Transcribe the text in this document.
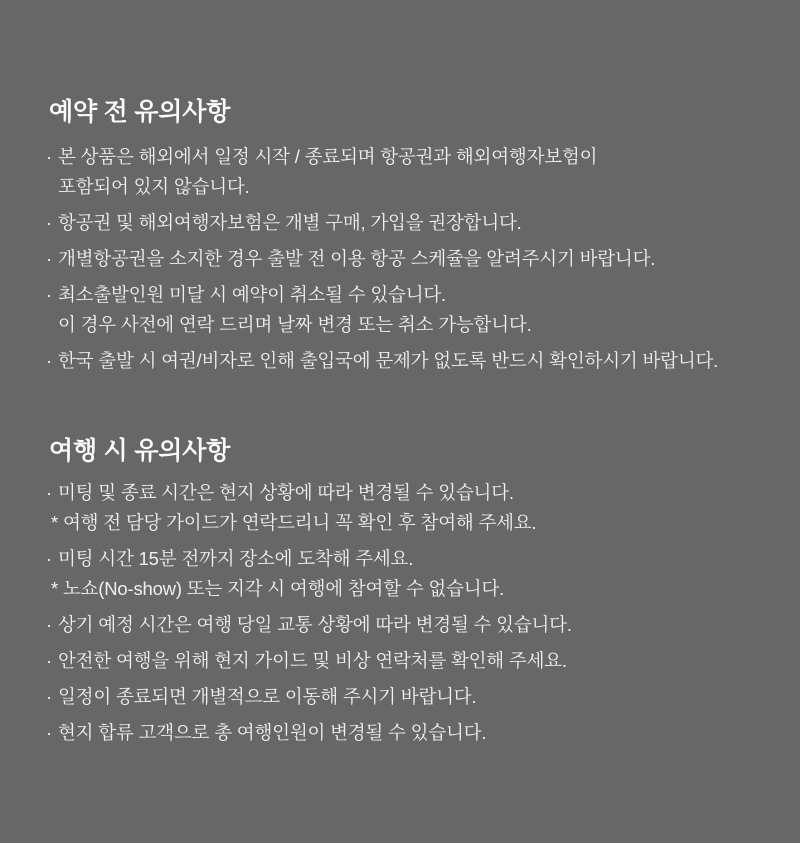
예약 전 유의사항
· 본 상품은 해외에서 일정 시작 / 종료되며 항공권과 해외여행자보험이
포함되어 있지 않습니다.
· 항공권 및 해외여행자보험은 개별 구매, 가입을 권장합니다.
· 개별항공권을 소지한 경우 출발 전 이용 항공 스케쥴을 알려주시기 바랍니다.
· 최소출발인원 미달 시 예약이 취소될 수 있습니다.
이 경우 사전에 연락 드리며 날짜 변경 또는 취소 가능합니다.
· 한국 출발 시 여권/비자로 인해 출입국에 문제가 없도록 반드시 확인하시기 바랍니다.
여행 시 유의사항
· 미팅 및 종료 시간은 현지 상황에 따라 변경될 수 있습니다.
* 여행 전 담당 가이드가 연락드리니 꼭 확인 후 참여해 주세요.
· 미팅 시간 15분 전까지 장소에 도착해 주세요.
* 노쇼(No-show) 또는 지각 시 여행에 참여할 수 없습니다.
· 상기 예정 시간은 여행 당일 교통 상황에 따라 변경될 수 있습니다.
· 안전한 여행을 위해 현지 가이드 및 비상 연락처를 확인해 주세요.
· 일정이 종료되면 개별적으로 이동해 주시기 바랍니다.
· 현지 합류 고객으로 총 여행인원이 변경될 수 있습니다.
